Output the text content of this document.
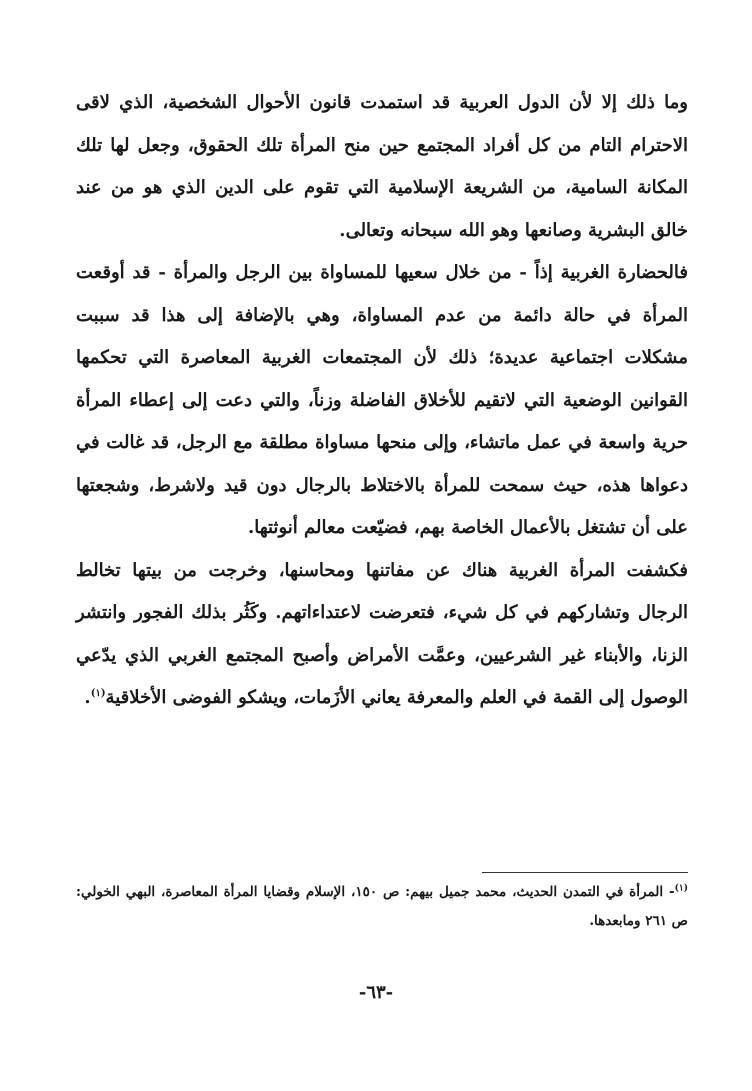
وما ذلك إلا لأن الدول العربية قد استمدت قانون الأحوال الشخصية، الذي لاقى الاحترام التام من كل أفراد المجتمع حين منح المرأة تلك الحقوق، وجعل لها تلك المكانة السامية، من الشريعة الإسلامية التي تقوم على الدين الذي هو من عند خالق البشرية وصانعها وهو الله سبحانه وتعالى.

فالحضارة الغربية إذاً - من خلال سعيها للمساواة بين الرجل والمرأة - قد أوقعت المرأة في حالة دائمة من عدم المساواة، وهي بالإضافة إلى هذا قد سببت مشكلات اجتماعية عديدة؛ ذلك لأن المجتمعات الغربية المعاصرة التي تحكمها القوانين الوضعية التي لاتقيم للأخلاق الفاضلة وزناً، والتي دعت إلى إعطاء المرأة حرية واسعة في عمل ماتشاء، وإلى منحها مساواة مطلقة مع الرجل، قد غالت في دعواها هذه، حيث سمحت للمرأة بالاختلاط بالرجال دون قيد ولاشرط، وشجعتها على أن تشتغل بالأعمال الخاصة بهم، فضيّعت معالم أنوثتها.

فكشفت المرأة الغربية هناك عن مفاتنها ومحاسنها، وخرجت من بيتها تخالط الرجال وتشاركهم في كل شيء، فتعرضت لاعتداءاتهم. وكَثُر بذلك الفجور وانتشر الزنا، والأبناء غير الشرعيين، وعمَّت الأمراض وأصبح المجتمع الغربي الذي يدّعي الوصول إلى القمة في العلم والمعرفة يعاني الأزَمات، ويشكو الفوضى الأخلاقية$^{(١)}$.

$^{(١)}$- المرأة في التمدن الحديث، محمد جميل بيهم: ص ١٥٠، الإسلام وقضايا المرأة المعاصرة، البهي الخولي: ص ٢٦١ ومابعدها.
-٦٣-
